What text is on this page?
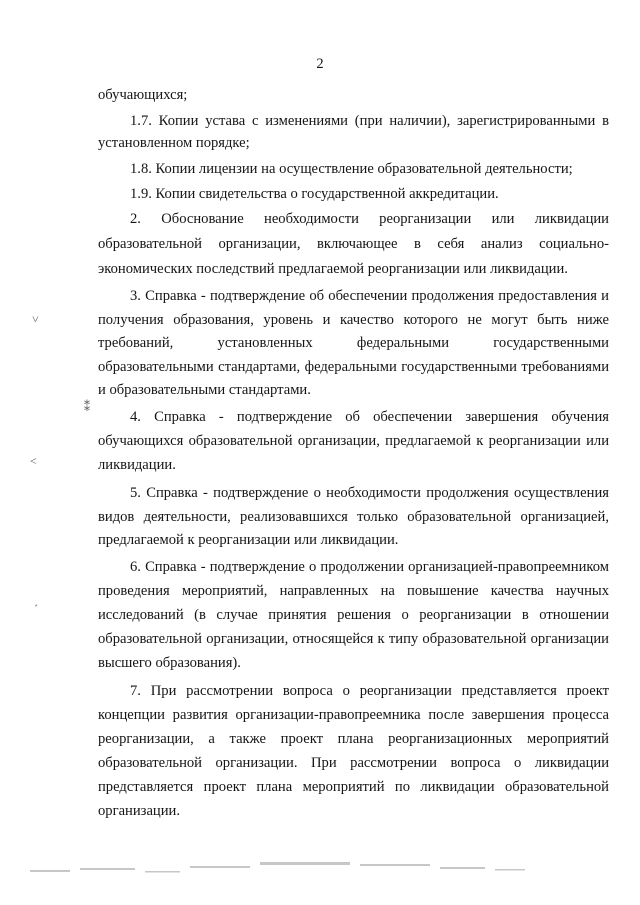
2
обучающихся;
1.7. Копии устава с изменениями (при наличии), зарегистрированными в
установленном порядке;
1.8. Копии лицензии на осуществление образовательной деятельности;
1.9. Копии свидетельства о государственной аккредитации.
2. Обоснование необходимости реорганизации или ликвидации
образовательной организации, включающее в себя анализ социально-
экономических последствий предлагаемой реорганизации или ликвидации.
3. Справка - подтверждение об обеспечении продолжения предоставления и
получения образования, уровень и качество которого не могут быть ниже
требований, установленных федеральными государственными
образовательными стандартами, федеральными государственными требованиями
и образовательными стандартами.
4. Справка - подтверждение об обеспечении завершения обучения
обучающихся образовательной организации, предлагаемой к реорганизации или
ликвидации.
5. Справка - подтверждение о необходимости продолжения осуществления
видов деятельности, реализовавшихся только образовательной организацией,
предлагаемой к реорганизации или ликвидации.
6. Справка - подтверждение о продолжении организацией-правопреемником
проведения мероприятий, направленных на повышение качества научных
исследований (в случае принятия решения о реорганизации в отношении
образовательной организации, относящейся к типу образовательной организации
высшего образования).
7. При рассмотрении вопроса о реорганизации представляется проект
концепции развития организации-правопреемника после завершения процесса
реорганизации, а также проект плана реорганизационных мероприятий
образовательной организации. При рассмотрении вопроса о ликвидации
представляется проект плана мероприятий по ликвидации образовательной
организации.
˅
⁑
˂
ˊ
